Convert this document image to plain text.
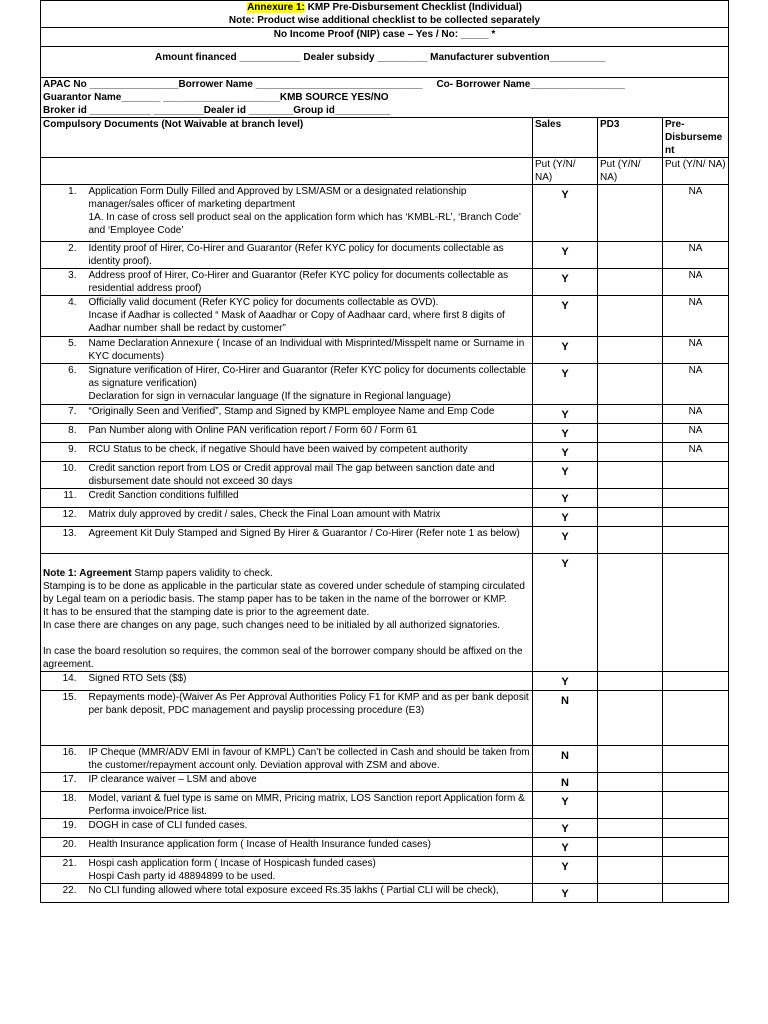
Annexure 1: KMP Pre-Disbursement Checklist (Individual)
Note: Product wise additional checklist to be collected separately				
No Income Proof (NIP) case – Yes / No: _____ *				
Amount financed ___________ Dealer subsidy _________ Manufacturer subvention__________				
APAC No ________________Borrower Name ______________________________     Co- Borrower Name_________________				
Guarantor Name_______ _____________________KMB SOURCE YES/NO				
Broker id ___________ _________Dealer id ________Group id__________				
Compulsory Documents (Not Waivable at branch level)		Sales	PD3	Pre-Disburseme nt
		Put (Y/N/ NA)	Put (Y/N/ NA)	Put (Y/N/ NA)
1.	Application Form Dully Filled and Approved by LSM/ASM or a designated relationship manager/sales officer of marketing department
1A. In case of cross sell product seal on the application form which has ‘KMBL-RL’, ‘Branch Code’ and ‘Employee Code’	Y		NA
2.	Identity proof of Hirer, Co-Hirer and Guarantor (Refer KYC policy for documents collectable as identity proof).	Y		NA
3.	Address proof of Hirer, Co-Hirer and Guarantor (Refer KYC policy for documents collectable as residential address proof)	Y		NA
4.	Officially valid document (Refer KYC policy for documents collectable as OVD).
Incase if Aadhar is collected “ Mask of Aaadhar or Copy of Aadhaar card, where first 8 digits of Aadhar number shall be redact by customer”	Y		NA
5.	Name Declaration Annexure ( Incase of an Individual with Misprinted/Misspelt name or Surname in KYC documents)	Y		NA
6.	Signature verification of Hirer, Co-Hirer and Guarantor (Refer KYC policy for documents collectable as signature verification)
Declaration for sign in vernacular language (If the signature in Regional language)	Y		NA
7.	“Originally Seen and Verified”, Stamp and Signed by KMPL employee Name and Emp Code	Y		NA
8.	Pan Number along with Online PAN verification report / Form 60 / Form 61	Y		NA
9.	RCU Status to be check, if negative Should have been waived by competent authority	Y		NA
10.	Credit sanction report from LOS or Credit approval mail The gap between sanction date and disbursement date should not exceed 30 days	Y		
11.	Credit Sanction conditions fulfilled	Y		
12.	Matrix duly approved by credit / sales, Check the Final Loan amount with Matrix	Y		
13.	Agreement Kit Duly Stamped and Signed By Hirer & Guarantor / Co-Hirer (Refer note 1 as below)	Y		
Note 1: Agreement Stamp papers validity to check.
Stamping is to be done as applicable in the particular state as covered under schedule of stamping circulated by Legal team on a periodic basis. The stamp paper has to be taken in the name of the borrower or KMP.
It has to be ensured that the stamping date is prior to the agreement date.
In case there are changes on any page, such changes need to be initialed by all authorized signatories.
In case the board resolution so requires, the common seal of the borrower company should be affixed on the agreement.		Y		
14.	Signed RTO Sets ($$)	Y		
15.	Repayments mode)-(Waiver As Per Approval Authorities Policy F1 for KMP and as per bank deposit per bank deposit, PDC management and payslip processing procedure (E3)	N		
16.	IP Cheque (MMR/ADV EMI in favour of KMPL) Can’t be collected in Cash and should be taken from the customer/repayment account only. Deviation approval with ZSM and above.	N		
17.	IP clearance waiver – LSM and above	N		
18.	Model, variant & fuel type is same on MMR, Pricing matrix, LOS Sanction report Application form & Performa invoice/Price list.	Y		
19.	DOGH in case of CLI funded cases.	Y		
20.	Health Insurance application form ( Incase of Health Insurance funded cases)	Y		
21.	Hospi cash application form ( Incase of Hospicash funded cases)
Hospi Cash party id 48894899 to be used.	Y		
22.	No CLI funding allowed where total exposure exceed Rs.35 lakhs ( Partial CLI will be check),	Y		
